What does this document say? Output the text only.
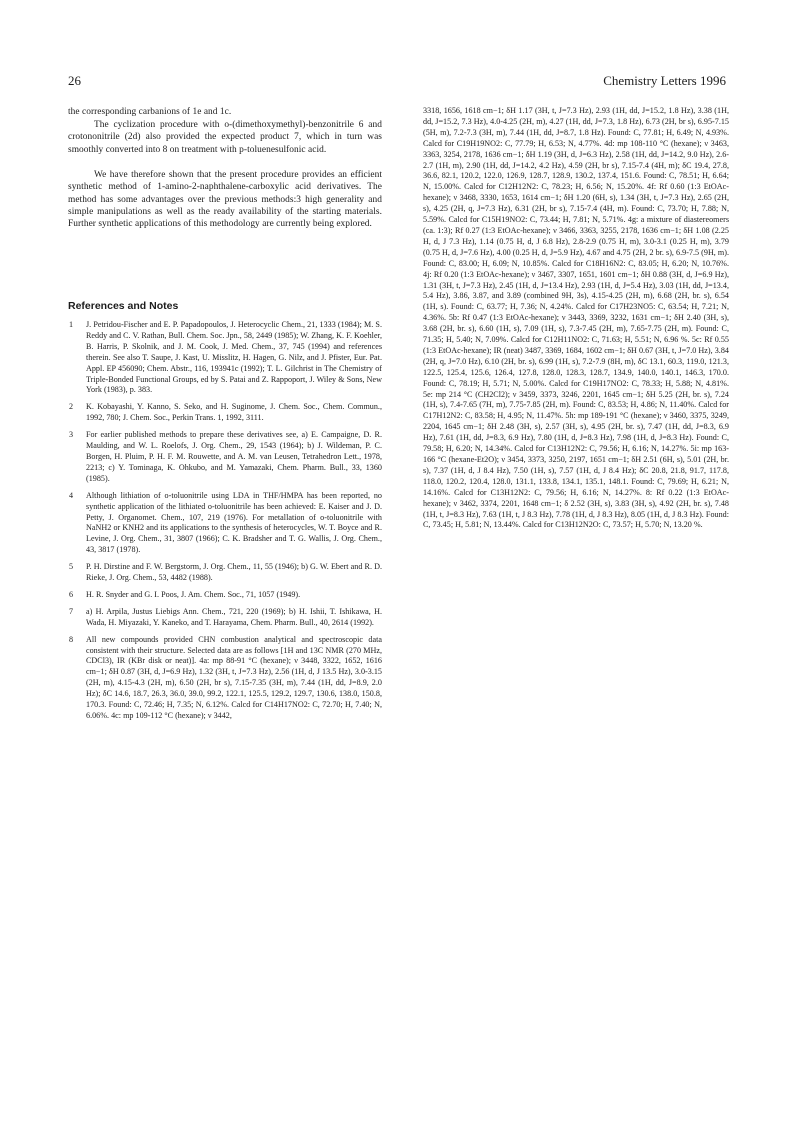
26	Chemistry Letters 1996

the corresponding carbanions of 1e and 1c.

The cyclization procedure with o-(dimethoxymethyl)-benzonitrile 6 and crotononitrile (2d) also provided the expected product 7, which in turn was smoothly converted into 8 on treatment with p-toluenesulfonic acid.

We have therefore shown that the present procedure provides an efficient synthetic method of 1-amino-2-naphthalene-carboxylic acid derivatives. The method has some advantages over the previous methods:3 high generality and simple manipulations as well as the ready availability of the starting materials. Further synthetic applications of this methodology are currently being explored.

References and Notes
1 J. Petridou-Fischer and E. P. Papadopoulos, J. Heterocyclic Chem., 21, 1333 (1984); M. S. Reddy and C. V. Rathan, Bull. Chem. Soc. Jpn., 58, 2449 (1985); W. Zhang, K. F. Koehler, B. Harris, P. Skolnik, and J. M. Cook, J. Med. Chem., 37, 745 (1994) and references therein. See also T. Saupe, J. Kast, U. Misslitz, H. Hagen, G. Nilz, and J. Pfister, Eur. Pat. Appl. EP 456090; Chem. Abstr., 116, 193941c (1992); T. L. Gilchrist in The Chemistry of Triple-Bonded Functional Groups, ed by S. Patai and Z. Rappoport, J. Wiley & Sons, New York (1983), p. 383.
2 K. Kobayashi, Y. Kanno, S. Seko, and H. Suginome, J. Chem. Soc., Chem. Commun., 1992, 780; J. Chem. Soc., Perkin Trans. 1, 1992, 3111.
3 For earlier published methods to prepare these derivatives see, a) E. Campaigne, D. R. Maulding, and W. L. Roelofs, J. Org. Chem., 29, 1543 (1964); b) J. Wildeman, P. C. Borgen, H. Pluim, P. H. F. M. Rouwette, and A. M. van Leusen, Tetrahedron Lett., 1978, 2213; c) Y. Tominaga, K. Ohkubo, and M. Yamazaki, Chem. Pharm. Bull., 33, 1360 (1985).
4 Although lithiation of o-toluonitrile using LDA in THF/HMPA has been reported, no synthetic application of the lithiated o-toluonitrile has been achieved: E. Kaiser and J. D. Petty, J. Organomet. Chem., 107, 219 (1976). For metallation of o-toluonitrile with NaNH2 or KNH2 and its applications to the synthesis of heterocycles, W. T. Boyce and R. Levine, J. Org. Chem., 31, 3807 (1966); C. K. Bradsher and T. G. Wallis, J. Org. Chem., 43, 3817 (1978).
5 P. H. Dirstine and F. W. Bergstorm, J. Org. Chem., 11, 55 (1946); b) G. W. Ebert and R. D. Rieke, J. Org. Chem., 53, 4482 (1988).
6 H. R. Snyder and G. I. Poos, J. Am. Chem. Soc., 71, 1057 (1949).
7 a) H. Arpila, Justus Liebigs Ann. Chem., 721, 220 (1969); b) H. Ishii, T. Ishikawa, H. Wada, H. Miyazaki, Y. Kaneko, and T. Harayama, Chem. Pharm. Bull., 40, 2614 (1992).
8 All new compounds provided CHN combustion analytical and spectroscopic data consistent with their structure. Selected data are as follows [1H and 13C NMR (270 MHz, CDCl3), IR (KBr disk or neat)]. 4a: mp 88-91 °C (hexane); ν 3448, 3322, 1652, 1616 cm−1; δH 0.87 (3H, d, J=6.9 Hz), 1.32 (3H, t, J=7.3 Hz), 2.56 (1H, d, J 13.5 Hz), 3.0-3.15 (2H, m), 4.15-4.3 (2H, m), 6.50 (2H, br s), 7.15-7.35 (3H, m), 7.44 (1H, dd, J=8.9, 2.0 Hz); δC 14.6, 18.7, 26.3, 36.0, 39.0, 99.2, 122.1, 125.5, 129.2, 129.7, 130.6, 138.0, 150.8, 170.3. Found: C, 72.46; H, 7.35; N, 6.12%. Calcd for C14H17NO2: C, 72.70; H, 7.40; N, 6.06%. 4c: mp 109-112 °C (hexane); ν 3442,

3318, 1656, 1618 cm−1; δH 1.17 (3H, t, J=7.3 Hz), 2.93 (1H, dd, J=15.2, 1.8 Hz), 3.38 (1H, dd, J=15.2, 7.3 Hz), 4.0-4.25 (2H, m), 4.27 (1H, dd, J=7.3, 1.8 Hz), 6.73 (2H, br s), 6.95-7.15 (5H, m), 7.2-7.3 (3H, m), 7.44 (1H, dd, J=8.7, 1.8 Hz). Found: C, 77.81; H, 6.49; N, 4.93%. Calcd for C19H19NO2: C, 77.79; H, 6.53; N, 4.77%. 4d: mp 108-110 °C (hexane); ν 3463, 3363, 3254, 2178, 1636 cm−1; δH 1.19 (3H, d, J=6.3 Hz), 2.58 (1H, dd, J=14.2, 9.0 Hz), 2.6-2.7 (1H, m), 2.90 (1H, dd, J=14.2, 4.2 Hz), 4.59 (2H, br s), 7.15-7.4 (4H, m); δC 19.4, 27.8, 36.6, 82.1, 120.2, 122.0, 126.9, 128.7, 128.9, 130.2, 137.4, 151.6. Found: C, 78.51; H, 6.64; N, 15.00%. Calcd for C12H12N2: C, 78.23; H, 6.56; N, 15.20%. 4f: Rf 0.60 (1:3 EtOAc-hexane); ν 3468, 3330, 1653, 1614 cm−1; δH 1.20 (6H, s), 1.34 (3H, t, J=7.3 Hz), 2.65 (2H, s), 4.25 (2H, q, J=7.3 Hz), 6.31 (2H, br s), 7.15-7.4 (4H, m). Found: C, 73.70; H, 7.88; N, 5.59%. Calcd for C15H19NO2: C, 73.44; H, 7.81; N, 5.71%. 4g: a mixture of diastereomers (ca. 1:3); Rf 0.27 (1:3 EtOAc-hexane); ν 3466, 3363, 3255, 2178, 1636 cm−1; δH 1.08 (2.25 H, d, J 7.3 Hz), 1.14 (0.75 H, d, J 6.8 Hz), 2.8-2.9 (0.75 H, m), 3.0-3.1 (0.25 H, m), 3.79 (0.75 H, d, J=7.6 Hz), 4.00 (0.25 H, d, J=5.9 Hz), 4.67 and 4.75 (2H, 2 br. s), 6.9-7.5 (9H, m). Found: C, 83.00; H, 6.09; N, 10.85%. Calcd for C18H16N2: C, 83.05; H, 6.20; N, 10.76%. 4j: Rf 0.20 (1:3 EtOAc-hexane); ν 3467, 3307, 1651, 1601 cm−1; δH 0.88 (3H, d, J=6.9 Hz), 1.31 (3H, t, J=7.3 Hz), 2.45 (1H, d, J=13.4 Hz), 2.93 (1H, d, J=5.4 Hz), 3.03 (1H, dd, J=13.4, 5.4 Hz), 3.86, 3.87, and 3.89 (combined 9H, 3s), 4.15-4.25 (2H, m), 6.68 (2H, br. s), 6.54 (1H, s). Found: C, 63.77; H, 7.36; N, 4.24%. Calcd for C17H23NO5: C, 63.54; H, 7.21; N, 4.36%. 5b: Rf 0.47 (1:3 EtOAc-hexane); ν 3443, 3369, 3232, 1631 cm−1; δH 2.40 (3H, s), 3.68 (2H, br. s), 6.60 (1H, s), 7.09 (1H, s), 7.3-7.45 (2H, m), 7.65-7.75 (2H, m). Found: C, 71.35; H, 5.40; N, 7.09%. Calcd for C12H11NO2: C, 71.63; H, 5.51; N, 6.96 %. 5c: Rf 0.55 (1:3 EtOAc-hexane); IR (neat) 3487, 3369, 1684, 1602 cm−1; δH 0.67 (3H, t, J=7.0 Hz), 3.84 (2H, q, J=7.0 Hz), 6.10 (2H, br. s), 6.99 (1H, s), 7.2-7.9 (8H, m), δC 13.1, 60.3, 119.0, 121.3, 122.5, 125.4, 125.6, 126.4, 127.8, 128.0, 128.3, 128.7, 134.9, 140.0, 140.1, 146.3, 170.0. Found: C, 78.19; H, 5.71; N, 5.00%. Calcd for C19H17NO2: C, 78.33; H, 5.88; N, 4.81%. 5e: mp 214 °C (CH2Cl2); ν 3459, 3373, 3246, 2201, 1645 cm−1; δH 5.25 (2H, br. s), 7.24 (1H, s), 7.4-7.65 (7H, m), 7.75-7.85 (2H, m). Found: C, 83.53; H, 4.86; N, 11.40%. Calcd for C17H12N2: C, 83.58; H, 4.95; N, 11.47%. 5h: mp 189-191 °C (hexane); ν 3460, 3375, 3249, 2204, 1645 cm−1; δH 2.48 (3H, s), 2.57 (3H, s), 4.95 (2H, br. s), 7.47 (1H, dd, J=8.3, 6.9 Hz), 7.61 (1H, dd, J=8.3, 6.9 Hz), 7.80 (1H, d, J=8.3 Hz), 7.98 (1H, d, J=8.3 Hz). Found: C, 79.58; H, 6.20; N, 14.34%. Calcd for C13H12N2: C, 79.56; H, 6.16; N, 14.27%. 5i: mp 163-166 °C (hexane-Et2O); ν 3454, 3373, 3250, 2197, 1651 cm−1; δH 2.51 (6H, s), 5.01 (2H, br. s), 7.37 (1H, d, J 8.4 Hz), 7.50 (1H, s), 7.57 (1H, d, J 8.4 Hz); δC 20.8, 21.8, 91.7, 117.8, 118.0, 120.2, 120.4, 128.0, 131.1, 133.8, 134.1, 135.1, 148.1. Found: C, 79.69; H, 6.21; N, 14.16%. Calcd for C13H12N2: C, 79.56; H, 6.16; N, 14.27%. 8: Rf 0.22 (1:3 EtOAc-hexane); ν 3462, 3374, 2201, 1648 cm−1; δ 2.52 (3H, s), 3.83 (3H, s), 4.92 (2H, br. s), 7.48 (1H, t, J=8.3 Hz), 7.63 (1H, t, J 8.3 Hz), 7.78 (1H, d, J 8.3 Hz), 8.05 (1H, d, J 8.3 Hz). Found: C, 73.45; H, 5.81; N, 13.44%. Calcd for C13H12N2O: C, 73.57; H, 5.70; N, 13.20 %.
